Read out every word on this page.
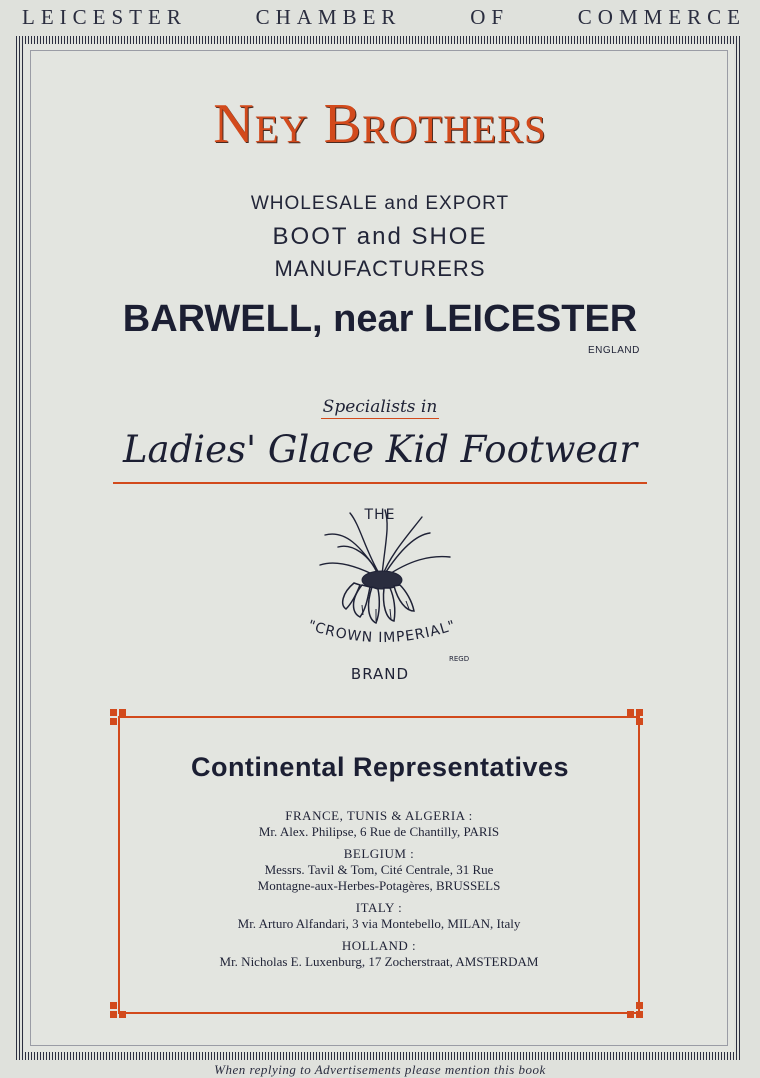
LEICESTER	CHAMBER	OF	COMMERCE
Ney Brothers
WHOLESALE and EXPORT
BOOT and SHOE
MANUFACTURERS
BARWELL, near LEICESTER
ENGLAND
Specialists in
Ladies' Glace Kid Footwear
THE
"CROWN IMPERIAL"
REGD
BRAND
Continental Representatives
FRANCE, TUNIS & ALGERIA :
Mr. Alex. Philipse, 6 Rue de Chantilly, PARIS
BELGIUM :
Messrs. Tavil & Tom, Cité Centrale, 31 Rue
Montagne-aux-Herbes-Potagères, BRUSSELS
ITALY :
Mr. Arturo Alfandari, 3 via Montebello, MILAN, Italy
HOLLAND :
Mr. Nicholas E. Luxenburg, 17 Zocherstraat, AMSTERDAM
When replying to Advertisements please mention this book
